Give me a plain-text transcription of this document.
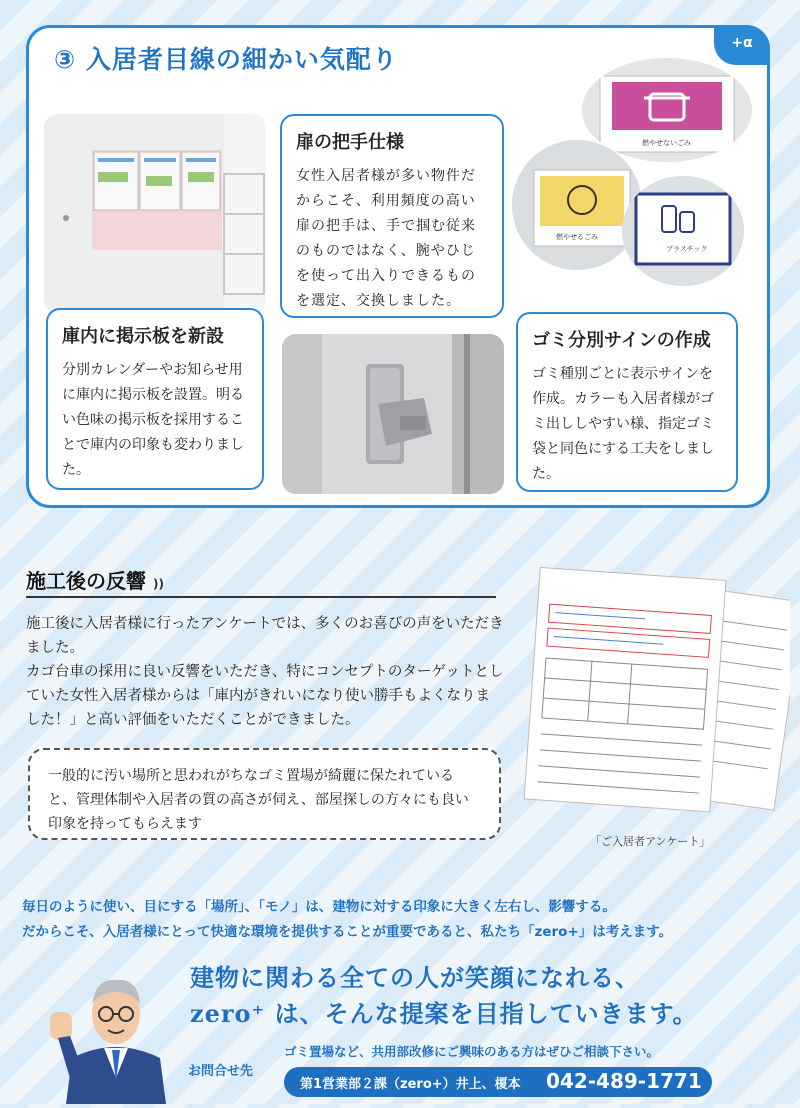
+α
③ 入居者目線の細かい気配り
燃やせないごみ
燃やせるごみ
プラスチック
庫内に掲示板を新設

分別カレンダーやお知らせ用に庫内に掲示板を設置。明るい色味の掲示板を採用することで庫内の印象も変わりました。

扉の把手仕様

女性入居者様が多い物件だからこそ、利用頻度の高い扉の把手は、手で掴む従来のものではなく、腕やひじを使って出入りできるものを選定、交換しました。

ゴミ分別サインの作成

ゴミ種別ごとに表示サインを作成。カラーも入居者様がゴミ出ししやすい様、指定ゴミ袋と同色にする工夫をしました。

施工後の反響 ))
施工後に入居者様に行ったアンケートでは、多くのお喜びの声をいただきました。
カゴ台車の採用に良い反響をいただき、特にコンセプトのターゲットとしていた女性入居者様からは「庫内がきれいになり使い勝手もよくなりました！」と高い評価をいただくことができました。
一般的に汚い場所と思われがちなゴミ置場が綺麗に保たれていると、管理体制や入居者の質の高さが伺え、部屋探しの方々にも良い印象を持ってもらえます
「ご入居者アンケート」
毎日のように使い、目にする「場所」、「モノ」は、建物に対する印象に大きく左右し、影響する。
だからこそ、入居者様にとって快適な環境を提供することが重要であると、私たち「zero+」は考えます。
建物に関わる全ての人が笑顔になれる、
zero⁺ は、そんな提案を目指していきます。
お問合せ先
ゴミ置場など、共用部改修にご興味のある方はぜひご相談下さい。
第1営業部２課（zero+）井上、榎本 042-489-1771
